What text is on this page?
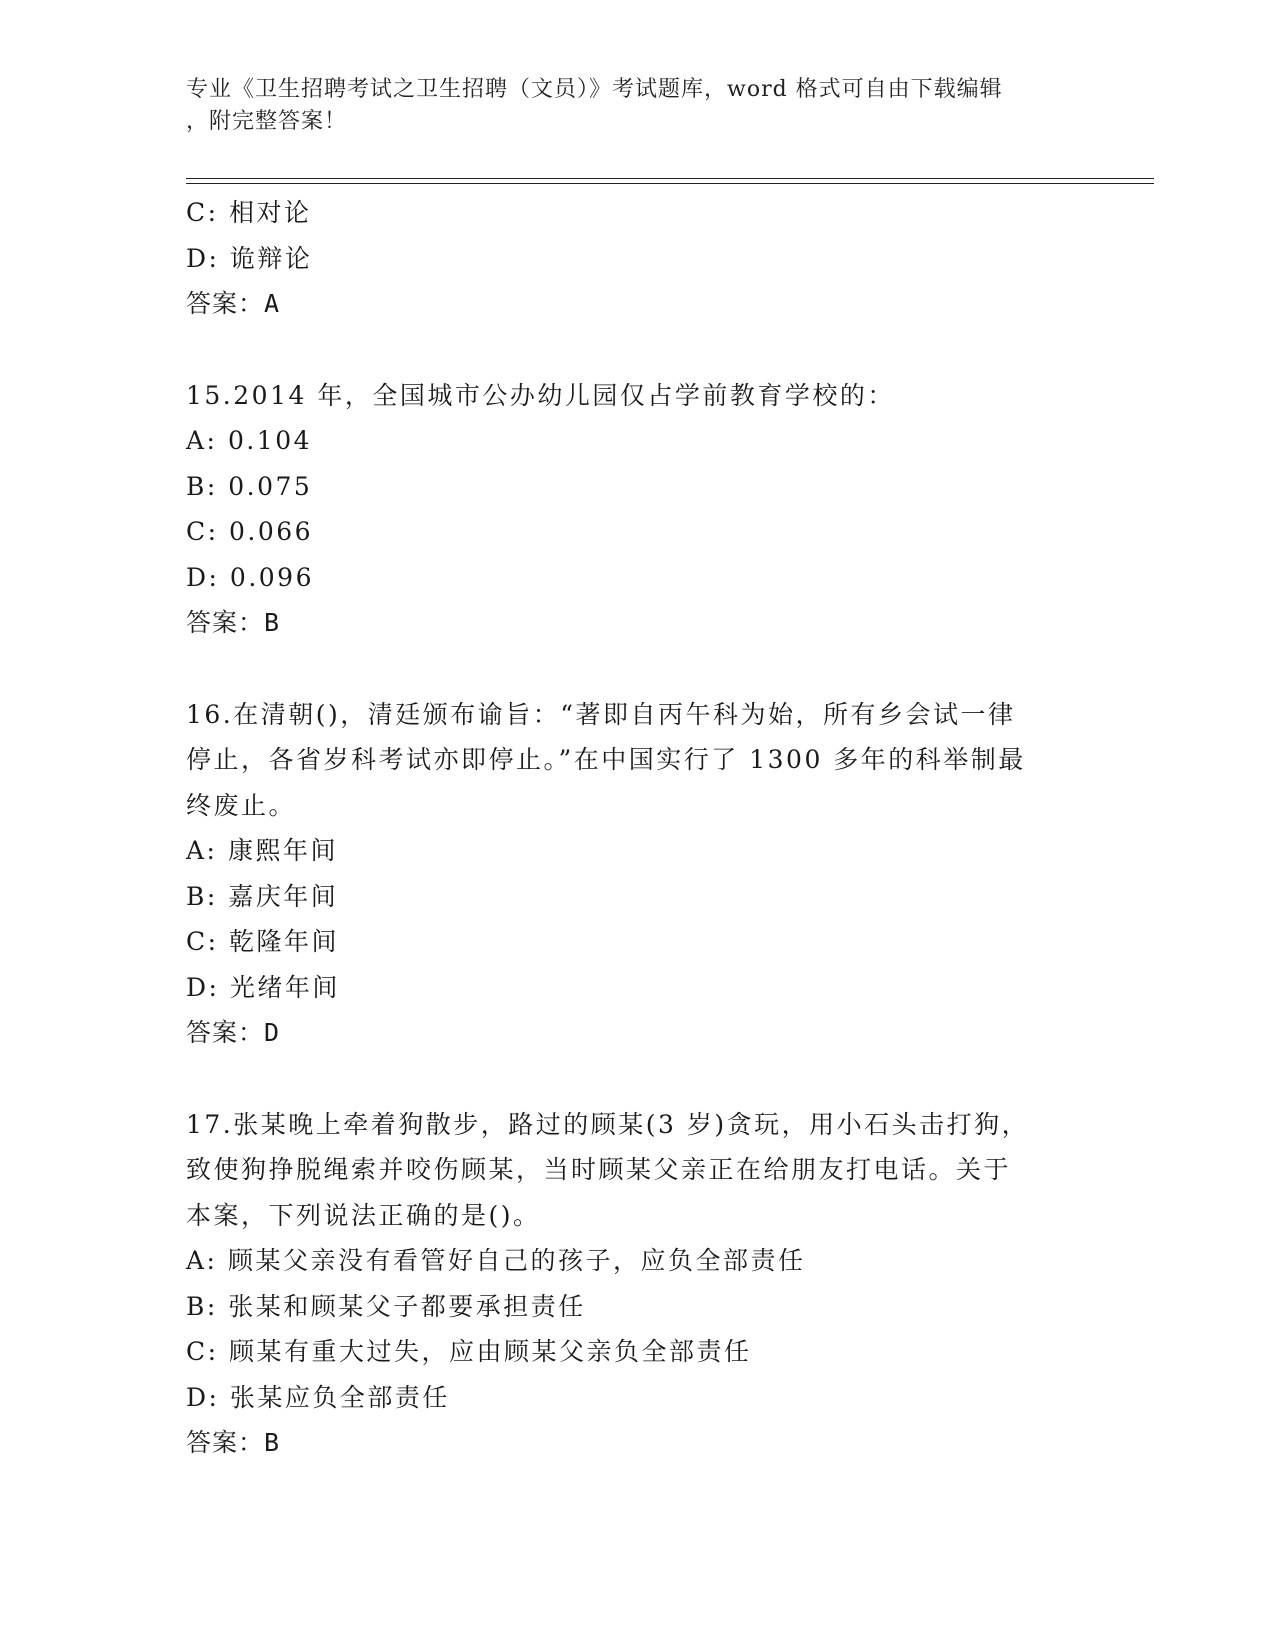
专业《卫生招聘考试之卫生招聘（文员）》考试题库，word 格式可自由下载编辑
，附完整答案！
C: 相对论
D: 诡辩论
答案：A
15.2014 年，全国城市公办幼儿园仅占学前教育学校的：
A: 0.104
B: 0.075
C: 0.066
D: 0.096
答案：B
16.在清朝()，清廷颁布谕旨：“著即自丙午科为始，所有乡会试一律
停止，各省岁科考试亦即停止。”在中国实行了 1300 多年的科举制最
终废止。
A: 康熙年间
B: 嘉庆年间
C: 乾隆年间
D: 光绪年间
答案：D
17.张某晚上牵着狗散步，路过的顾某(3 岁)贪玩，用小石头击打狗，
致使狗挣脱绳索并咬伤顾某，当时顾某父亲正在给朋友打电话。关于
本案，下列说法正确的是()。
A: 顾某父亲没有看管好自己的孩子，应负全部责任
B: 张某和顾某父子都要承担责任
C: 顾某有重大过失，应由顾某父亲负全部责任
D: 张某应负全部责任
答案：B
